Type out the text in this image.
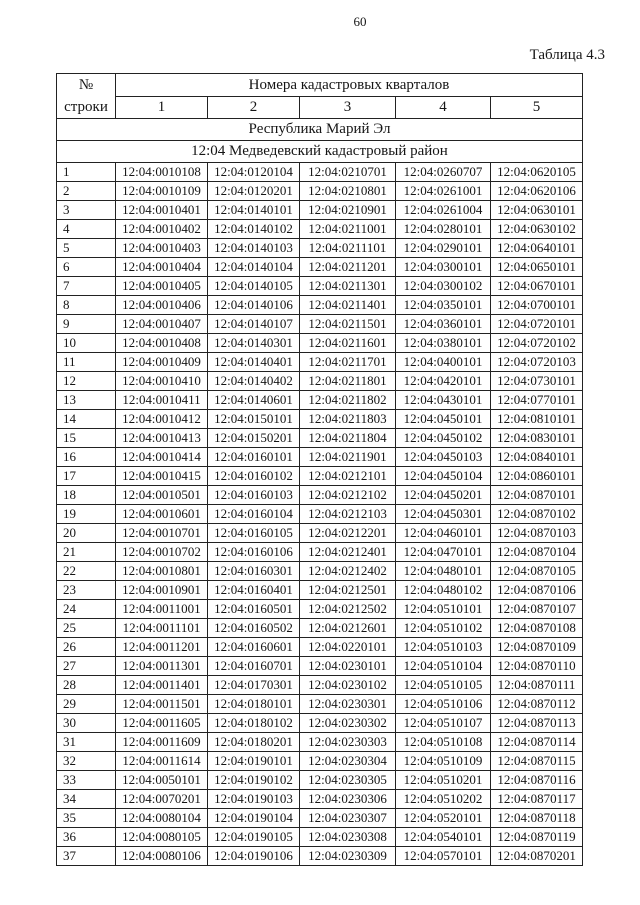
60
Таблица 4.3
№
строки
Номера кадастровых кварталов
1	2	3	4	5
Республика Марий Эл
12:04 Медведевский кадастровый район
1	12:04:0010108	12:04:0120104	12:04:0210701	12:04:0260707	12:04:0620105
2	12:04:0010109	12:04:0120201	12:04:0210801	12:04:0261001	12:04:0620106
3	12:04:0010401	12:04:0140101	12:04:0210901	12:04:0261004	12:04:0630101
4	12:04:0010402	12:04:0140102	12:04:0211001	12:04:0280101	12:04:0630102
5	12:04:0010403	12:04:0140103	12:04:0211101	12:04:0290101	12:04:0640101
6	12:04:0010404	12:04:0140104	12:04:0211201	12:04:0300101	12:04:0650101
7	12:04:0010405	12:04:0140105	12:04:0211301	12:04:0300102	12:04:0670101
8	12:04:0010406	12:04:0140106	12:04:0211401	12:04:0350101	12:04:0700101
9	12:04:0010407	12:04:0140107	12:04:0211501	12:04:0360101	12:04:0720101
10	12:04:0010408	12:04:0140301	12:04:0211601	12:04:0380101	12:04:0720102
11	12:04:0010409	12:04:0140401	12:04:0211701	12:04:0400101	12:04:0720103
12	12:04:0010410	12:04:0140402	12:04:0211801	12:04:0420101	12:04:0730101
13	12:04:0010411	12:04:0140601	12:04:0211802	12:04:0430101	12:04:0770101
14	12:04:0010412	12:04:0150101	12:04:0211803	12:04:0450101	12:04:0810101
15	12:04:0010413	12:04:0150201	12:04:0211804	12:04:0450102	12:04:0830101
16	12:04:0010414	12:04:0160101	12:04:0211901	12:04:0450103	12:04:0840101
17	12:04:0010415	12:04:0160102	12:04:0212101	12:04:0450104	12:04:0860101
18	12:04:0010501	12:04:0160103	12:04:0212102	12:04:0450201	12:04:0870101
19	12:04:0010601	12:04:0160104	12:04:0212103	12:04:0450301	12:04:0870102
20	12:04:0010701	12:04:0160105	12:04:0212201	12:04:0460101	12:04:0870103
21	12:04:0010702	12:04:0160106	12:04:0212401	12:04:0470101	12:04:0870104
22	12:04:0010801	12:04:0160301	12:04:0212402	12:04:0480101	12:04:0870105
23	12:04:0010901	12:04:0160401	12:04:0212501	12:04:0480102	12:04:0870106
24	12:04:0011001	12:04:0160501	12:04:0212502	12:04:0510101	12:04:0870107
25	12:04:0011101	12:04:0160502	12:04:0212601	12:04:0510102	12:04:0870108
26	12:04:0011201	12:04:0160601	12:04:0220101	12:04:0510103	12:04:0870109
27	12:04:0011301	12:04:0160701	12:04:0230101	12:04:0510104	12:04:0870110
28	12:04:0011401	12:04:0170301	12:04:0230102	12:04:0510105	12:04:0870111
29	12:04:0011501	12:04:0180101	12:04:0230301	12:04:0510106	12:04:0870112
30	12:04:0011605	12:04:0180102	12:04:0230302	12:04:0510107	12:04:0870113
31	12:04:0011609	12:04:0180201	12:04:0230303	12:04:0510108	12:04:0870114
32	12:04:0011614	12:04:0190101	12:04:0230304	12:04:0510109	12:04:0870115
33	12:04:0050101	12:04:0190102	12:04:0230305	12:04:0510201	12:04:0870116
34	12:04:0070201	12:04:0190103	12:04:0230306	12:04:0510202	12:04:0870117
35	12:04:0080104	12:04:0190104	12:04:0230307	12:04:0520101	12:04:0870118
36	12:04:0080105	12:04:0190105	12:04:0230308	12:04:0540101	12:04:0870119
37	12:04:0080106	12:04:0190106	12:04:0230309	12:04:0570101	12:04:0870201
